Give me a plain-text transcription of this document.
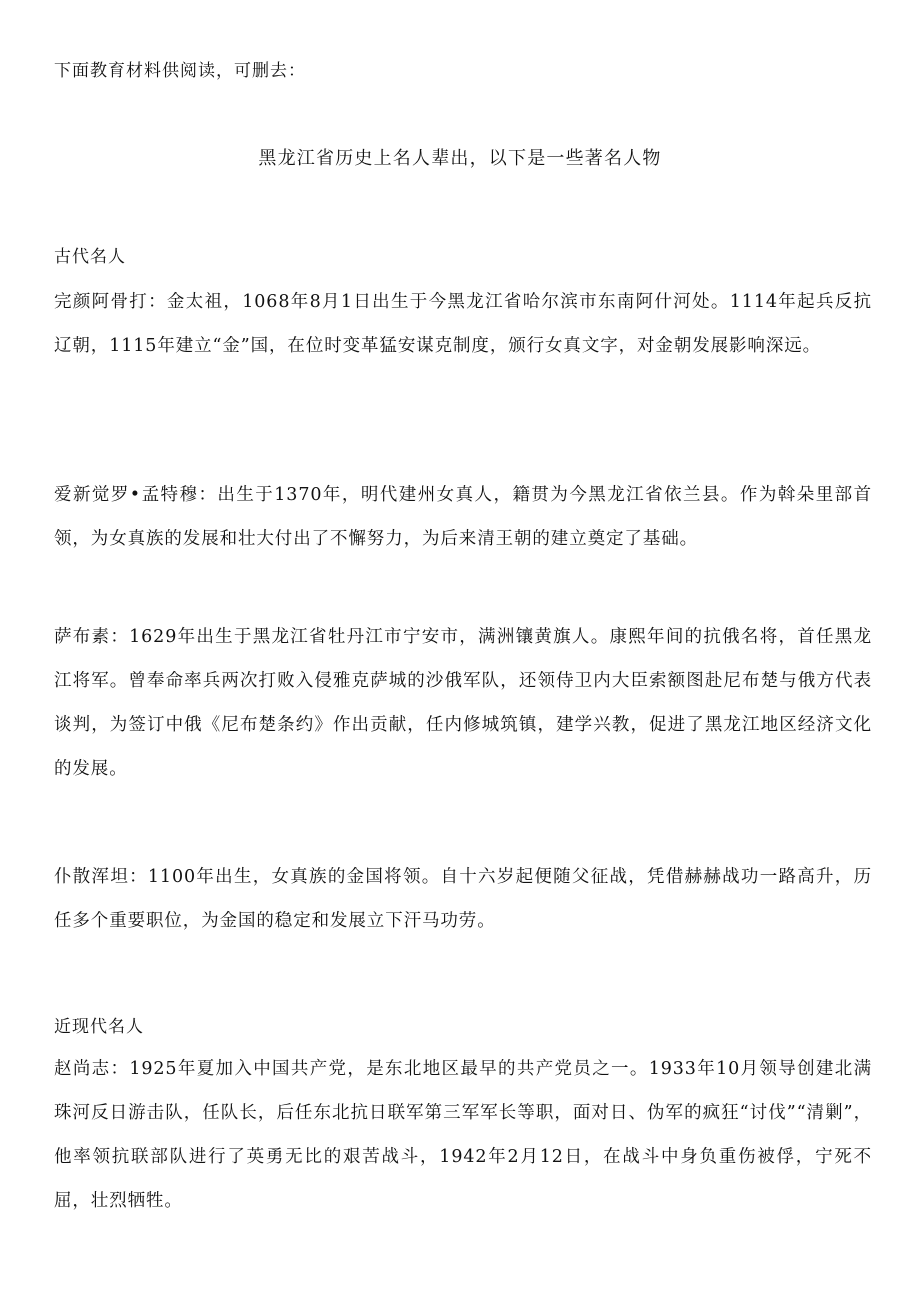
下面教育材料供阅读，可删去：
黑龙江省历史上名人辈出，以下是一些著名人物
古代名人
完颜阿骨打：金太祖，1068年8月1日出生于今黑龙江省哈尔滨市东南阿什河处。1114年起兵反抗辽朝，1115年建立“金”国，在位时变革猛安谋克制度，颁行女真文字，对金朝发展影响深远。
爱新觉罗•孟特穆：出生于1370年，明代建州女真人，籍贯为今黑龙江省依兰县。作为斡朵里部首领，为女真族的发展和壮大付出了不懈努力，为后来清王朝的建立奠定了基础。
萨布素：1629年出生于黑龙江省牡丹江市宁安市，满洲镶黄旗人。康熙年间的抗俄名将，首任黑龙江将军。曾奉命率兵两次打败入侵雅克萨城的沙俄军队，还领侍卫内大臣索额图赴尼布楚与俄方代表谈判，为签订中俄《尼布楚条约》作出贡献，任内修城筑镇，建学兴教，促进了黑龙江地区经济文化的发展。
仆散浑坦：1100年出生，女真族的金国将领。自十六岁起便随父征战，凭借赫赫战功一路高升，历任多个重要职位，为金国的稳定和发展立下汗马功劳。
近现代名人
赵尚志：1925年夏加入中国共产党，是东北地区最早的共产党员之一。1933年10月领导创建北满珠河反日游击队，任队长，后任东北抗日联军第三军军长等职，面对日、伪军的疯狂“讨伐”“清剿”，他率领抗联部队进行了英勇无比的艰苦战斗，1942年2月12日，在战斗中身负重伤被俘，宁死不屈，壮烈牺牲。
